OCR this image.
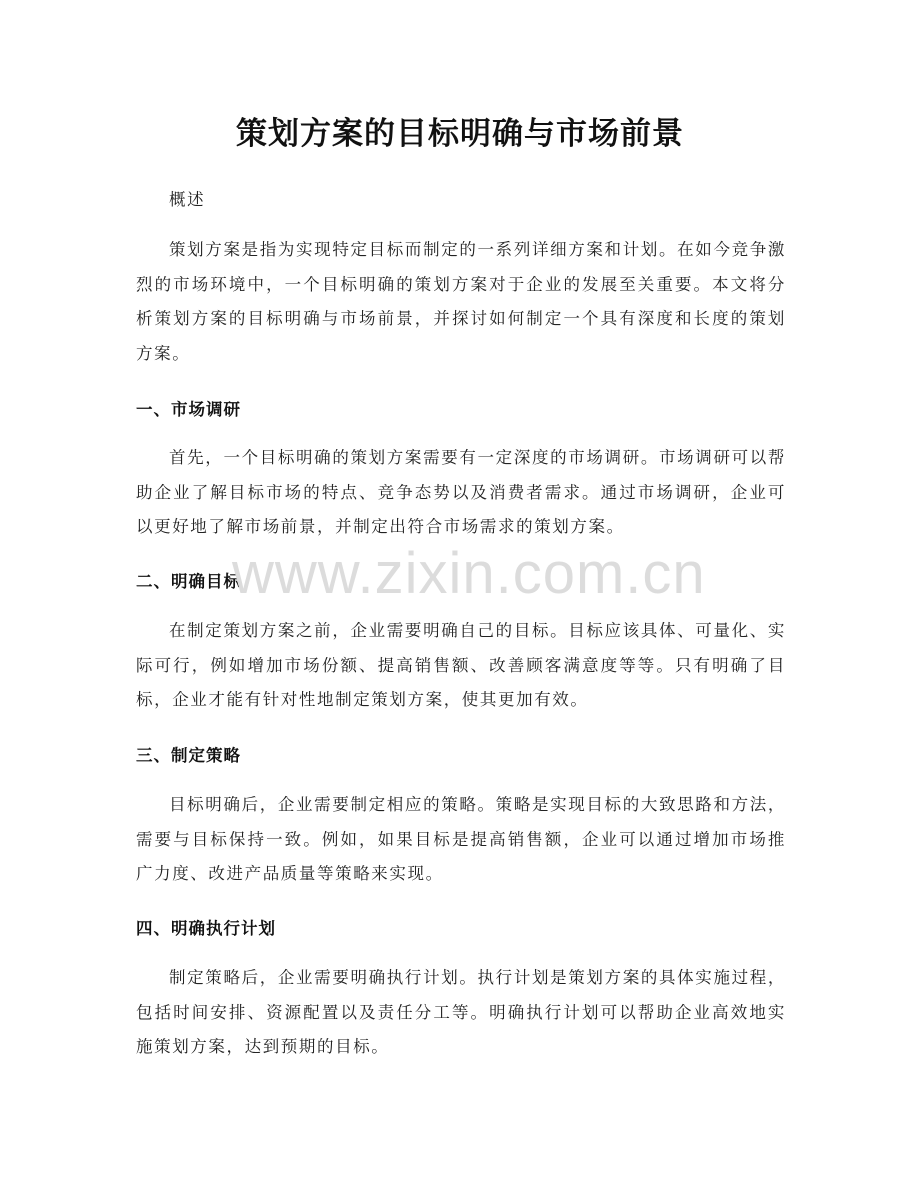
策划方案的目标明确与市场前景
概述

策划方案是指为实现特定目标而制定的一系列详细方案和计划。在如今竞争激烈的市场环境中，一个目标明确的策划方案对于企业的发展至关重要。本文将分析策划方案的目标明确与市场前景，并探讨如何制定一个具有深度和长度的策划方案。

一、市场调研

首先，一个目标明确的策划方案需要有一定深度的市场调研。市场调研可以帮助企业了解目标市场的特点、竞争态势以及消费者需求。通过市场调研，企业可以更好地了解市场前景，并制定出符合市场需求的策划方案。

二、明确目标

在制定策划方案之前，企业需要明确自己的目标。目标应该具体、可量化、实际可行，例如增加市场份额、提高销售额、改善顾客满意度等等。只有明确了目标，企业才能有针对性地制定策划方案，使其更加有效。

三、制定策略

目标明确后，企业需要制定相应的策略。策略是实现目标的大致思路和方法，需要与目标保持一致。例如，如果目标是提高销售额，企业可以通过增加市场推广力度、改进产品质量等策略来实现。

四、明确执行计划

制定策略后，企业需要明确执行计划。执行计划是策划方案的具体实施过程，包括时间安排、资源配置以及责任分工等。明确执行计划可以帮助企业高效地实施策划方案，达到预期的目标。

www.zixin.com.cn
